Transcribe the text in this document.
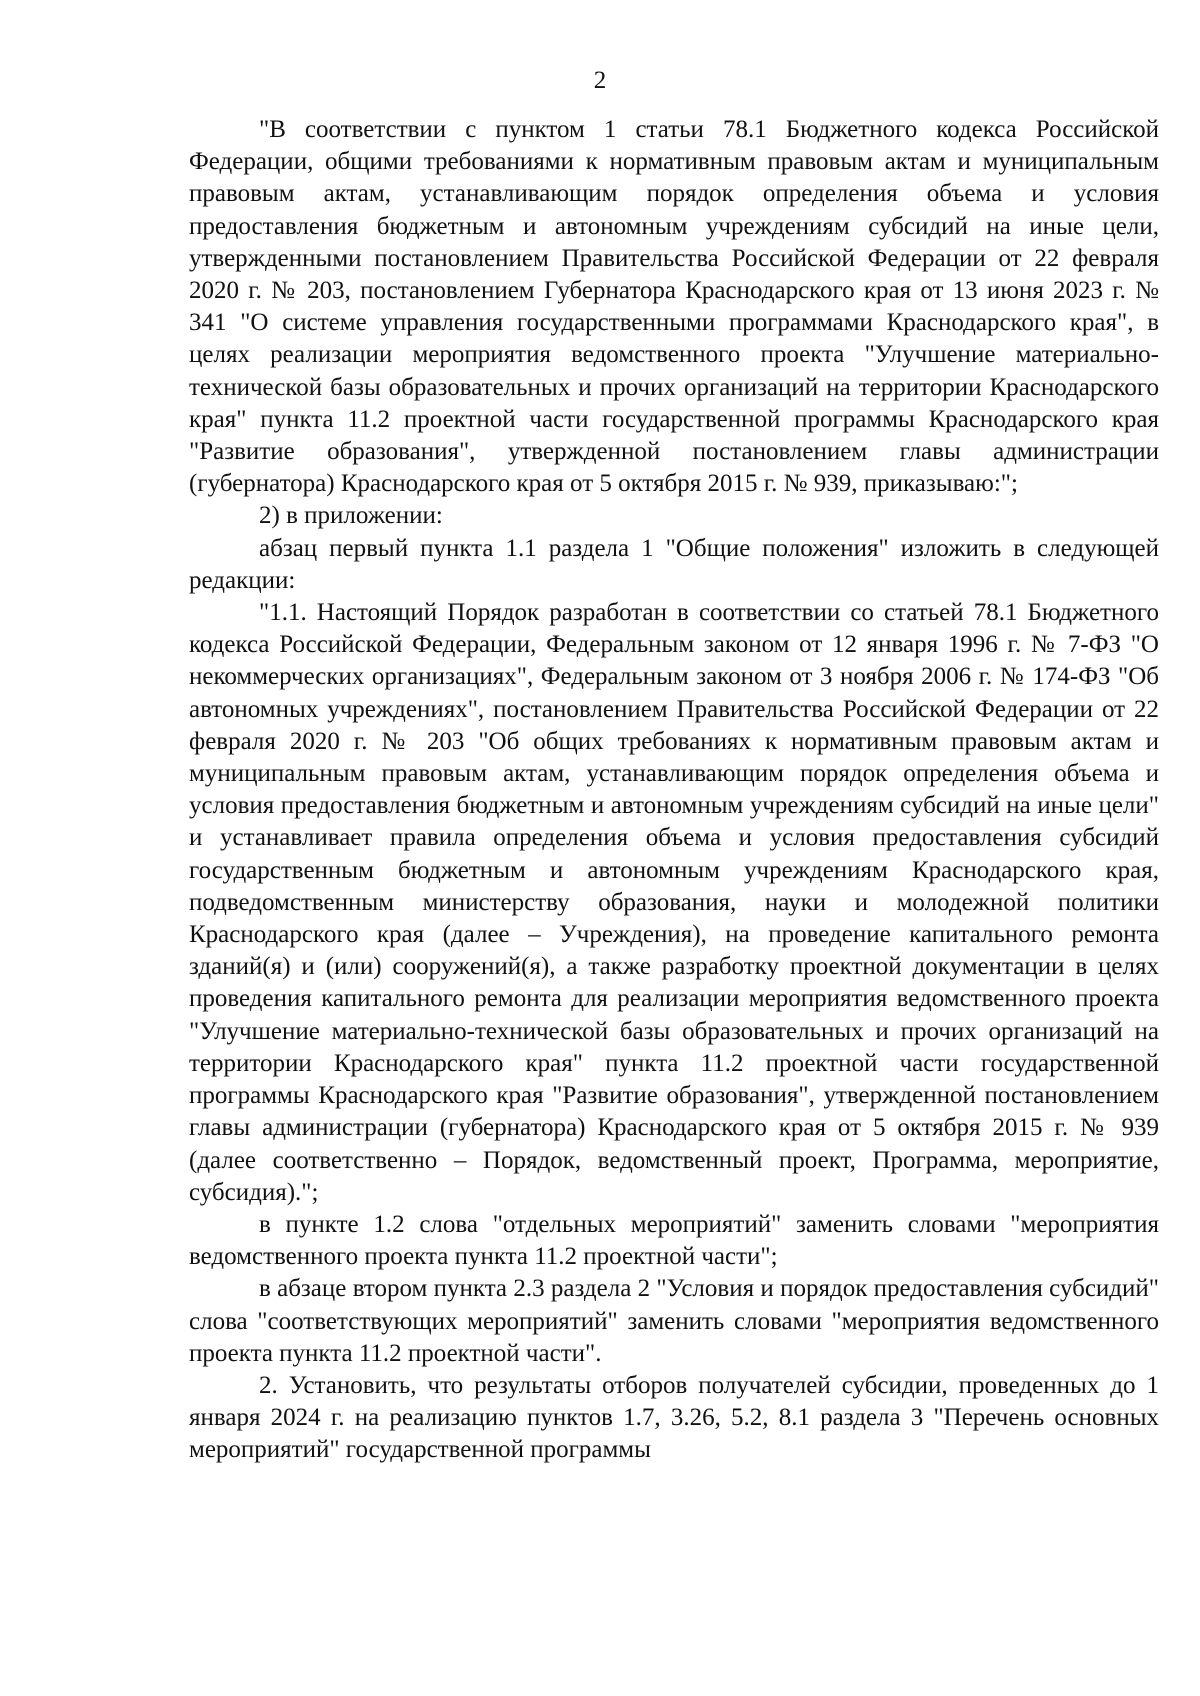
2

"В соответствии с пунктом 1 статьи 78.1 Бюджетного кодекса Российской Федерации, общими требованиями к нормативным правовым актам и муниципальным правовым актам, устанавливающим порядок определения объема и условия предоставления бюджетным и автономным учреждениям субсидий на иные цели, утвержденными постановлением Правительства Российской Федерации от 22 февраля 2020 г. № 203, постановлением Губернатора Краснодарского края от 13 июня 2023 г. № 341 "О системе управления государственными программами Краснодарского края", в целях реализации мероприятия ведомственного проекта "Улучшение материально-технической базы образовательных и прочих организаций на территории Краснодарского края" пункта 11.2 проектной части государственной программы Краснодарского края "Развитие образования", утвержденной постановлением главы администрации (губернатора) Краснодарского края от 5 октября 2015 г. № 939, приказываю:";

2) в приложении:

абзац первый пункта 1.1 раздела 1 "Общие положения" изложить в следующей редакции:

"1.1. Настоящий Порядок разработан в соответствии со статьей 78.1 Бюджетного кодекса Российской Федерации, Федеральным законом от 12 января 1996 г. № 7-ФЗ "О некоммерческих организациях", Федеральным законом от 3 ноября 2006 г. № 174-ФЗ "Об автономных учреждениях", постановлением Правительства Российской Федерации от 22 февраля 2020 г. № 203 "Об общих требованиях к нормативным правовым актам и муниципальным правовым актам, устанавливающим порядок определения объема и условия предоставления бюджетным и автономным учреждениям субсидий на иные цели" и устанавливает правила определения объема и условия предоставления субсидий государственным бюджетным и автономным учреждениям Краснодарского края, подведомственным министерству образования, науки и молодежной политики Краснодарского края (далее – Учреждения), на проведение капитального ремонта зданий(я) и (или) сооружений(я), а также разработку проектной документации в целях проведения капитального ремонта для реализации мероприятия ведомственного проекта "Улучшение материально-технической базы образовательных и прочих организаций на территории Краснодарского края" пункта 11.2 проектной части государственной программы Краснодарского края "Развитие образования", утвержденной постановлением главы администрации (губернатора) Краснодарского края от 5 октября 2015 г. № 939 (далее соответственно – Порядок, ведомственный проект, Программа, мероприятие, субсидия).";

в пункте 1.2 слова "отдельных мероприятий" заменить словами "мероприятия ведомственного проекта пункта 11.2 проектной части";

в абзаце втором пункта 2.3 раздела 2 "Условия и порядок предоставления субсидий" слова "соответствующих мероприятий" заменить словами "мероприятия ведомственного проекта пункта 11.2 проектной части".

2. Установить, что результаты отборов получателей субсидии, проведенных до 1 января 2024 г. на реализацию пунктов 1.7, 3.26, 5.2, 8.1 раздела 3 "Перечень основных мероприятий" государственной программы
